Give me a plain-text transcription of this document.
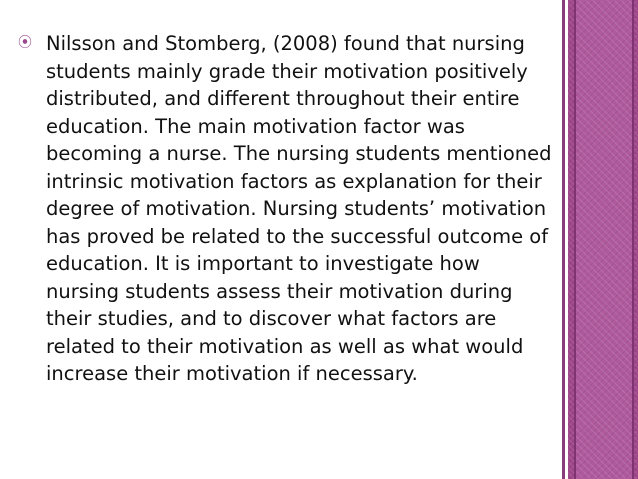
⦿ Nilsson and Stomberg, (2008) found that nursing students mainly grade their motivation positively distributed, and different throughout their entire education. The main motivation factor was becoming a nurse. The nursing students mentioned intrinsic motivation factors as explanation for their degree of motivation. Nursing students’ motivation has proved be related to the successful outcome of education. It is important to investigate how nursing students assess their motivation during their studies, and to discover what factors are related to their motivation as well as what would increase their motivation if necessary.
